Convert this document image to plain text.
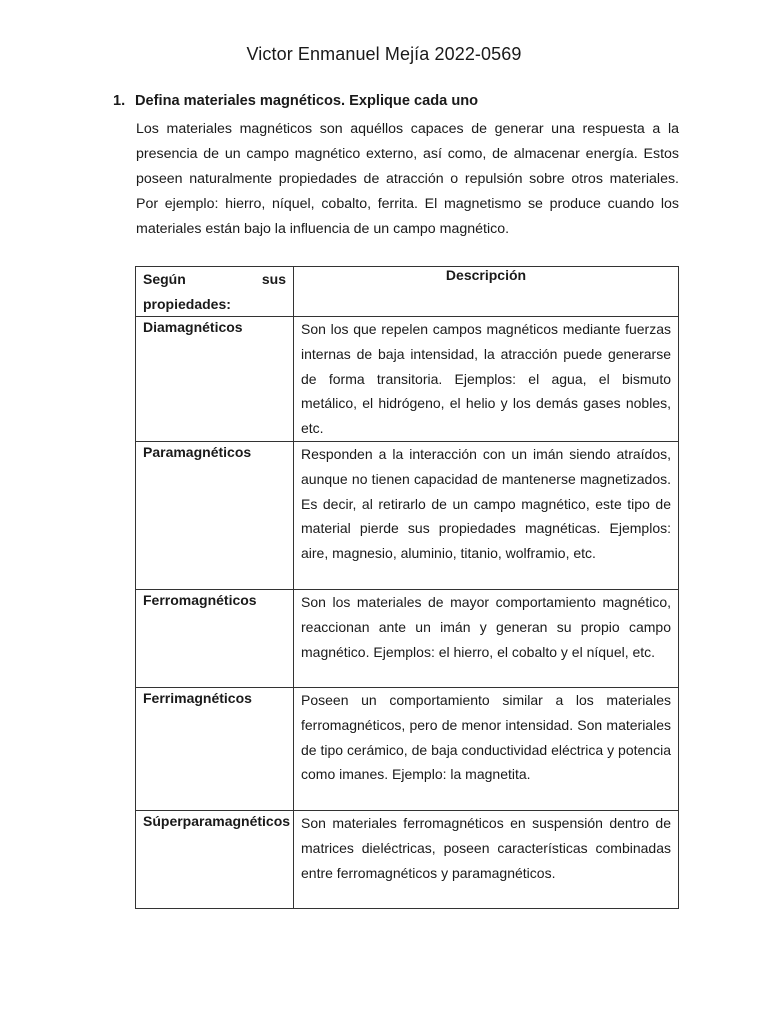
Victor Enmanuel Mejía 2022-0569
1. Defina materiales magnéticos. Explique cada uno
Los materiales magnéticos son aquéllos capaces de generar una respuesta a la presencia de un campo magnético externo, así como, de almacenar energía. Estos poseen naturalmente propiedades de atracción o repulsión sobre otros materiales. Por ejemplo: hierro, níquel, cobalto, ferrita. El magnetismo se produce cuando los materiales están bajo la influencia de un campo magnético.
Según sus
propiedades:	Descripción
Diamagnéticos	Son los que repelen campos magnéticos mediante fuerzas internas de baja intensidad, la atracción puede generarse de forma transitoria. Ejemplos: el agua, el bismuto metálico, el hidrógeno, el helio y los demás gases nobles, etc.
Paramagnéticos	Responden a la interacción con un imán siendo atraídos, aunque no tienen capacidad de mantenerse magnetizados. Es decir, al retirarlo de un campo magnético, este tipo de material pierde sus propiedades magnéticas. Ejemplos: aire, magnesio, aluminio, titanio, wolframio, etc.
Ferromagnéticos	Son los materiales de mayor comportamiento magnético, reaccionan ante un imán y generan su propio campo magnético. Ejemplos: el hierro, el cobalto y el níquel, etc.
Ferrimagnéticos	Poseen un comportamiento similar a los materiales ferromagnéticos, pero de menor intensidad. Son materiales de tipo cerámico, de baja conductividad eléctrica y potencia como imanes. Ejemplo: la magnetita.
Súperparamagnéticos	Son materiales ferromagnéticos en suspensión dentro de matrices dieléctricas, poseen características combinadas entre ferromagnéticos y paramagnéticos.
